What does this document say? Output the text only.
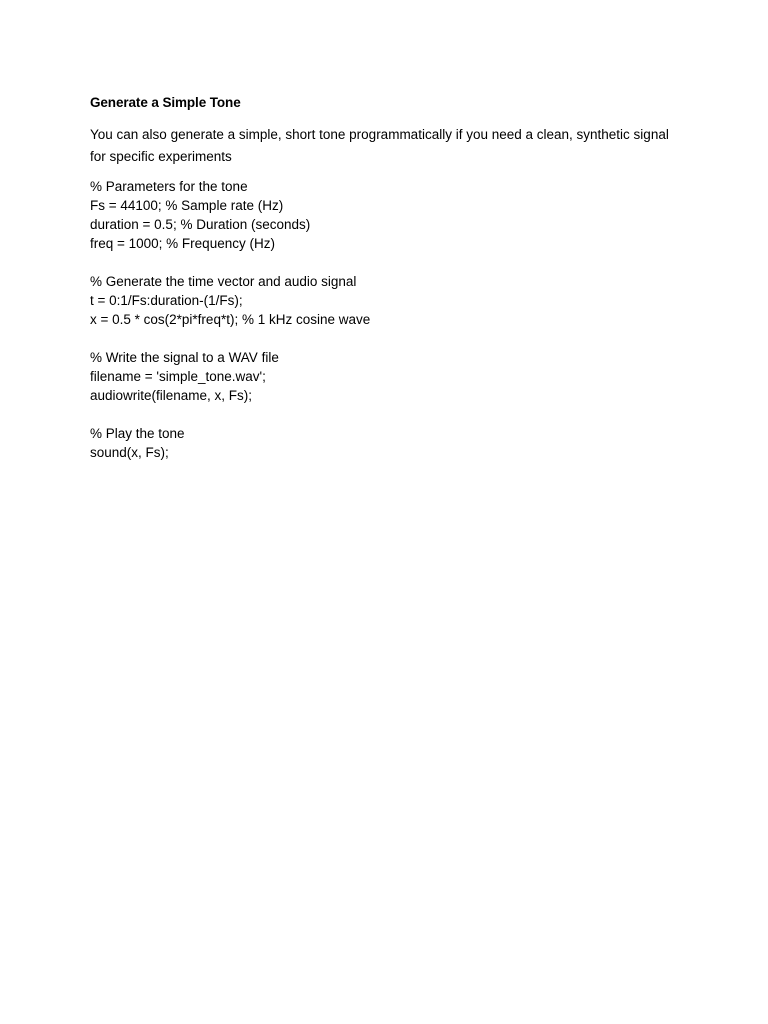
Generate a Simple Tone
You can also generate a simple, short tone programmatically if you need a clean, synthetic signal for specific experiments
% Parameters for the tone
Fs = 44100; % Sample rate (Hz)
duration = 0.5; % Duration (seconds)
freq = 1000; % Frequency (Hz)
% Generate the time vector and audio signal
t = 0:1/Fs:duration-(1/Fs);
x = 0.5 * cos(2*pi*freq*t); % 1 kHz cosine wave
% Write the signal to a WAV file
filename = 'simple_tone.wav';
audiowrite(filename, x, Fs);
% Play the tone
sound(x, Fs);
